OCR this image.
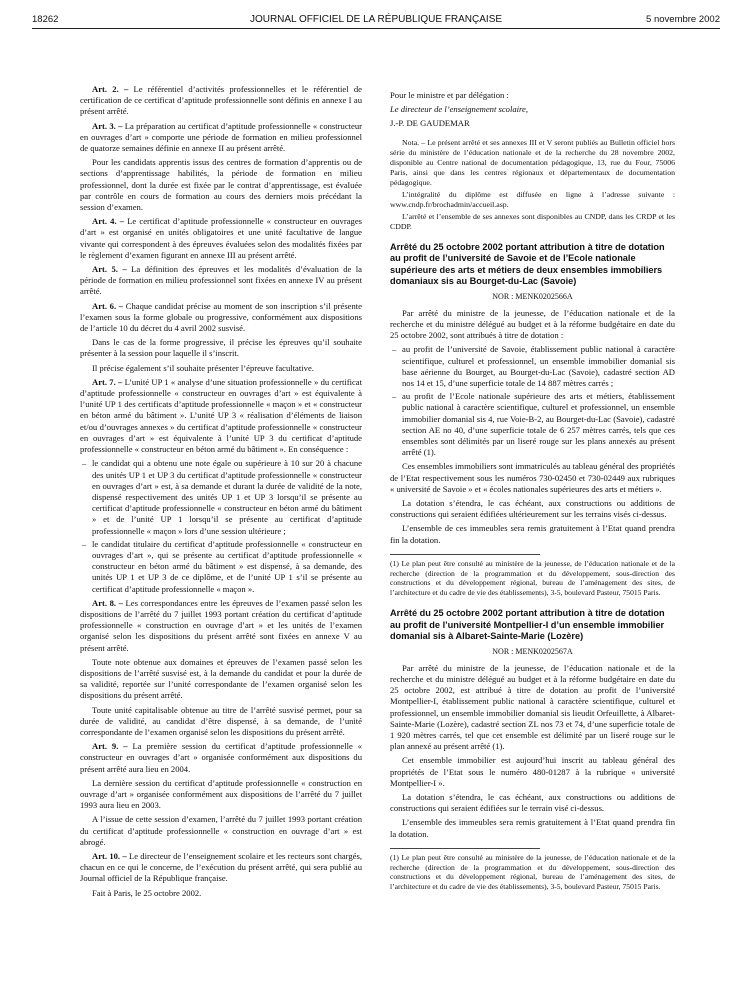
18262	JOURNAL OFFICIEL DE LA RÉPUBLIQUE FRANÇAISE	5 novembre 2002

Art. 2. – Le référentiel d’activités professionnelles et le référentiel de certification de ce certificat d’aptitude professionnelle sont définis en annexe I au présent arrêté.

Art. 3. – La préparation au certificat d’aptitude professionnelle « constructeur en ouvrages d’art » comporte une période de formation en milieu professionnel de quatorze semaines définie en annexe II au présent arrêté.

Pour les candidats apprentis issus des centres de formation d’apprentis ou de sections d’apprentissage habilités, la période de formation en milieu professionnel, dont la durée est fixée par le contrat d’apprentissage, est évaluée par contrôle en cours de formation au cours des derniers mois précédant la session d’examen.

Art. 4. – Le certificat d’aptitude professionnelle « constructeur en ouvrages d’art » est organisé en unités obligatoires et une unité facultative de langue vivante qui correspondent à des épreuves évaluées selon des modalités fixées par le règlement d’examen figurant en annexe III au présent arrêté.

Art. 5. – La définition des épreuves et les modalités d’évaluation de la période de formation en milieu professionnel sont fixées en annexe IV au présent arrêté.

Art. 6. – Chaque candidat précise au moment de son inscription s’il présente l’examen sous la forme globale ou progressive, conformément aux dispositions de l’article 10 du décret du 4 avril 2002 susvisé.

Dans le cas de la forme progressive, il précise les épreuves qu’il souhaite présenter à la session pour laquelle il s’inscrit.

Il précise également s’il souhaite présenter l’épreuve facultative.

Art. 7. – L’unité UP 1 « analyse d’une situation professionnelle » du certificat d’aptitude professionnelle « constructeur en ouvrages d’art » est équivalente à l’unité UP 1 des certificats d’aptitude professionnelle « maçon » et « constructeur en béton armé du bâtiment ». L’unité UP 3 « réalisation d’éléments de liaison et/ou d’ouvrages annexes » du certificat d’aptitude professionnelle « constructeur en ouvrages d’art » est équivalente à l’unité UP 3 du certificat d’aptitude professionnelle « constructeur en béton armé du bâtiment ». En conséquence :

– le candidat qui a obtenu une note égale ou supérieure à 10 sur 20 à chacune des unités UP 1 et UP 3 du certificat d’aptitude professionnelle « constructeur en ouvrages d’art » est, à sa demande et durant la durée de validité de la note, dispensé respectivement des unités UP 1 et UP 3 lorsqu’il se présente au certificat d’aptitude professionnelle « constructeur en béton armé du bâtiment » et de l’unité UP 1 lorsqu’il se présente au certificat d’aptitude professionnelle « maçon » lors d’une session ultérieure ;
– le candidat titulaire du certificat d’aptitude professionnelle « constructeur en ouvrages d’art », qui se présente au certificat d’aptitude professionnelle « constructeur en béton armé du bâtiment » est dispensé, à sa demande, des unités UP 1 et UP 3 de ce diplôme, et de l’unité UP 1 s’il se présente au certificat d’aptitude professionnelle « maçon ».

Art. 8. – Les correspondances entre les épreuves de l’examen passé selon les dispositions de l’arrêté du 7 juillet 1993 portant création du certificat d’aptitude professionnelle « construction en ouvrage d’art » et les unités de l’examen organisé selon les dispositions du présent arrêté sont fixées en annexe V au présent arrêté.

Toute note obtenue aux domaines et épreuves de l’examen passé selon les dispositions de l’arrêté susvisé est, à la demande du candidat et pour la durée de sa validité, reportée sur l’unité correspondante de l’examen organisé selon les dispositions du présent arrêté.

Toute unité capitalisable obtenue au titre de l’arrêté susvisé permet, pour sa durée de validité, au candidat d’être dispensé, à sa demande, de l’unité correspondante de l’examen organisé selon les dispositions du présent arrêté.

Art. 9. – La première session du certificat d’aptitude professionnelle « constructeur en ouvrages d’art » organisée conformément aux dispositions du présent arrêté aura lieu en 2004.

La dernière session du certificat d’aptitude professionnelle « construction en ouvrage d’art » organisée conformément aux dispositions de l’arrêté du 7 juillet 1993 aura lieu en 2003.

A l’issue de cette session d’examen, l’arrêté du 7 juillet 1993 portant création du certificat d’aptitude professionnelle « construction en ouvrage d’art » est abrogé.

Art. 10. – Le directeur de l’enseignement scolaire et les recteurs sont chargés, chacun en ce qui le concerne, de l’exécution du présent arrêté, qui sera publié au Journal officiel de la République française.

Fait à Paris, le 25 octobre 2002.

Pour le ministre et par délégation :

Le directeur de l’enseignement scolaire,

J.-P. DE GAUDEMAR

Nota. – Le présent arrêté et ses annexes III et V seront publiés au Bulletin officiel hors série du ministère de l’éducation nationale et de la recherche du 28 novembre 2002, disponible au Centre national de documentation pédagogique, 13, rue du Four, 75006 Paris, ainsi que dans les centres régionaux et départementaux de documentation pédagogique.

L’intégralité du diplôme est diffusée en ligne à l’adresse suivante : www.cndp.fr/brochadmin/accueil.asp.

L’arrêté et l’ensemble de ses annexes sont disponibles au CNDP, dans les CRDP et les CDDP.

Arrêté du 25 octobre 2002 portant attribution à titre de dotation au profit de l’université de Savoie et de l’Ecole nationale supérieure des arts et métiers de deux ensembles immobiliers domaniaux sis au Bourget-du-Lac (Savoie)
NOR : MENK0202566A

Par arrêté du ministre de la jeunesse, de l’éducation nationale et de la recherche et du ministre délégué au budget et à la réforme budgétaire en date du 25 octobre 2002, sont attribués à titre de dotation :

– au profit de l’université de Savoie, établissement public national à caractère scientifique, culturel et professionnel, un ensemble immobilier domanial sis base aérienne du Bourget, au Bourget-du-Lac (Savoie), cadastré section AD nos 14 et 15, d’une superficie totale de 14 887 mètres carrés ;
– au profit de l’Ecole nationale supérieure des arts et métiers, établissement public national à caractère scientifique, culturel et professionnel, un ensemble immobilier domanial sis 4, rue Voie-B-2, au Bourget-du-Lac (Savoie), cadastré section AE no 40, d’une superficie totale de 6 257 mètres carrés, tels que ces ensembles sont délimités par un liseré rouge sur les plans annexés au présent arrêté (1).

Ces ensembles immobiliers sont immatriculés au tableau général des propriétés de l’Etat respectivement sous les numéros 730-02450 et 730-02449 aux rubriques « université de Savoie » et « écoles nationales supérieures des arts et métiers ».

La dotation s’étendra, le cas échéant, aux constructions ou additions de constructions qui seraient édifiées ultérieurement sur les terrains visés ci-dessus.

L’ensemble de ces immeubles sera remis gratuitement à l’Etat quand prendra fin la dotation.

(1) Le plan peut être consulté au ministère de la jeunesse, de l’éducation nationale et de la recherche (direction de la programmation et du développement, sous-direction des constructions et du développement régional, bureau de l’aménagement des sites, de l’architecture et du cadre de vie des établissements), 3-5, boulevard Pasteur, 75015 Paris.

Arrêté du 25 octobre 2002 portant attribution à titre de dotation au profit de l’université Montpellier-I d’un ensemble immobilier domanial sis à Albaret-Sainte-Marie (Lozère)
NOR : MENK0202567A

Par arrêté du ministre de la jeunesse, de l’éducation nationale et de la recherche et du ministre délégué au budget et à la réforme budgétaire en date du 25 octobre 2002, est attribué à titre de dotation au profit de l’université Montpellier-I, établissement public national à caractère scientifique, culturel et professionnel, un ensemble immobilier domanial sis lieudit Orfeuillette, à Albaret-Sainte-Marie (Lozère), cadastré section ZL nos 73 et 74, d’une superficie totale de 1 920 mètres carrés, tel que cet ensemble est délimité par un liseré rouge sur le plan annexé au présent arrêté (1).

Cet ensemble immobilier est aujourd’hui inscrit au tableau général des propriétés de l’Etat sous le numéro 480-01287 à la rubrique « université Montpellier-I ».

La dotation s’étendra, le cas échéant, aux constructions ou additions de constructions qui seraient édifiées sur le terrain visé ci-dessus.

L’ensemble des immeubles sera remis gratuitement à l’Etat quand prendra fin la dotation.

(1) Le plan peut être consulté au ministère de la jeunesse, de l’éducation nationale et de la recherche (direction de la programmation et du développement, sous-direction des constructions et du développement régional, bureau de l’aménagement des sites, de l’architecture et du cadre de vie des établissements), 3-5, boulevard Pasteur, 75015 Paris.
